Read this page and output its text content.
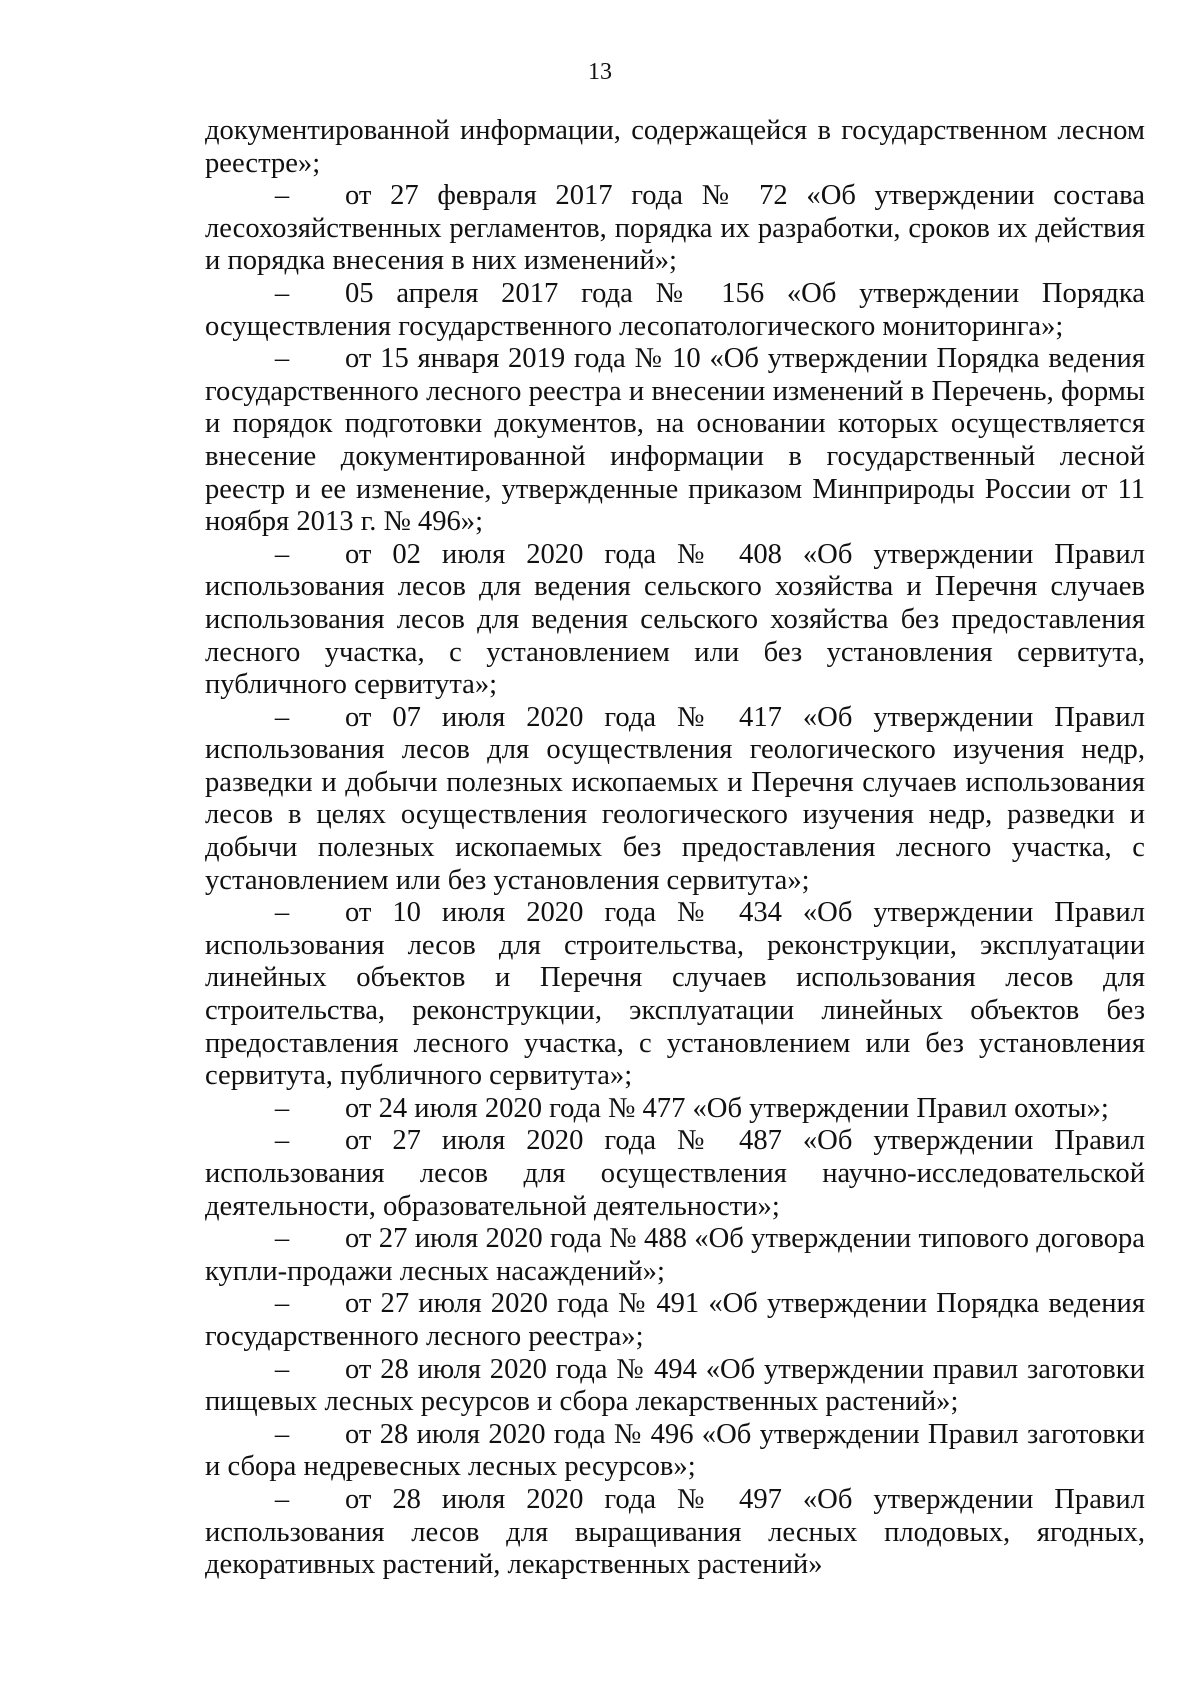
13

документированной информации, содержащейся в государственном лесном реестре»;

– от 27 февраля 2017 года № 72 «Об утверждении состава лесохозяйственных регламентов, порядка их разработки, сроков их действия и порядка внесения в них изменений»;

– 05 апреля 2017 года № 156 «Об утверждении Порядка осуществления государственного лесопатологического мониторинга»;

– от 15 января 2019 года № 10 «Об утверждении Порядка ведения государственного лесного реестра и внесении изменений в Перечень, формы и порядок подготовки документов, на основании которых осуществляется внесение документированной информации в государственный лесной реестр и ее изменение, утвержденные приказом Минприроды России от 11 ноября 2013 г. № 496»;

– от 02 июля 2020 года № 408 «Об утверждении Правил использования лесов для ведения сельского хозяйства и Перечня случаев использования лесов для ведения сельского хозяйства без предоставления лесного участка, с установлением или без установления сервитута, публичного сервитута»;

– от 07 июля 2020 года № 417 «Об утверждении Правил использования лесов для осуществления геологического изучения недр, разведки и добычи полезных ископаемых и Перечня случаев использования лесов в целях осуществления геологического изучения недр, разведки и добычи полезных ископаемых без предоставления лесного участка, с установлением или без установления сервитута»;

– от 10 июля 2020 года № 434 «Об утверждении Правил использования лесов для строительства, реконструкции, эксплуатации линейных объектов и Перечня случаев использования лесов для строительства, реконструкции, эксплуатации линейных объектов без предоставления лесного участка, с установлением или без установления сервитута, публичного сервитута»;

– от 24 июля 2020 года № 477 «Об утверждении Правил охоты»;

– от 27 июля 2020 года № 487 «Об утверждении Правил использования лесов для осуществления научно-исследовательской деятельности, образовательной деятельности»;

– от 27 июля 2020 года № 488 «Об утверждении типового договора купли-продажи лесных насаждений»;

– от 27 июля 2020 года № 491 «Об утверждении Порядка ведения государственного лесного реестра»;

– от 28 июля 2020 года № 494 «Об утверждении правил заготовки пищевых лесных ресурсов и сбора лекарственных растений»;

– от 28 июля 2020 года № 496 «Об утверждении Правил заготовки и сбора недревесных лесных ресурсов»;

– от 28 июля 2020 года № 497 «Об утверждении Правил использования лесов для выращивания лесных плодовых, ягодных, декоративных растений, лекарственных растений»
